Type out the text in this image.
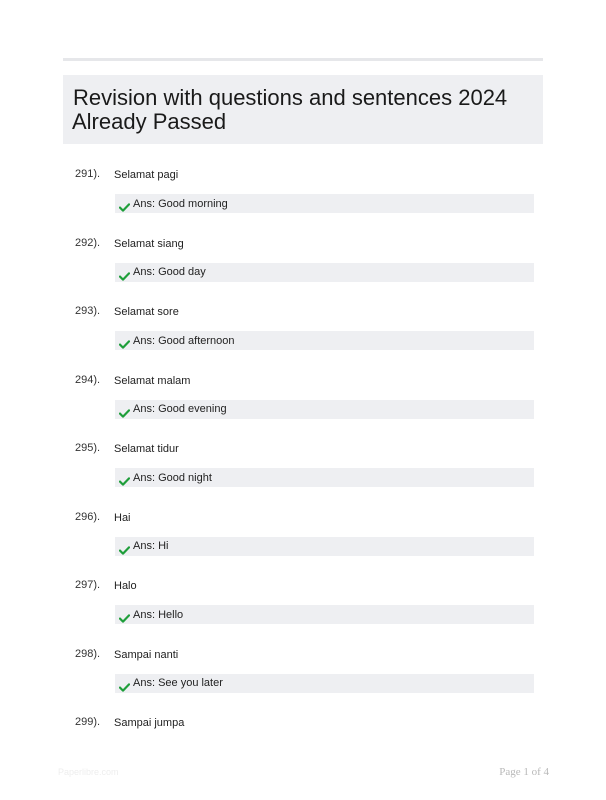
Revision with questions and sentences 2024
Already Passed
291). Selamat pagi
Ans: Good morning
292). Selamat siang
Ans: Good day
293). Selamat sore
Ans: Good afternoon
294). Selamat malam
Ans: Good evening
295). Selamat tidur
Ans: Good night
296). Hai
Ans: Hi
297). Halo
Ans: Hello
298). Sampai nanti
Ans: See you later
299). Sampai jumpa
Paperlibre.com	Page 1 of 4
